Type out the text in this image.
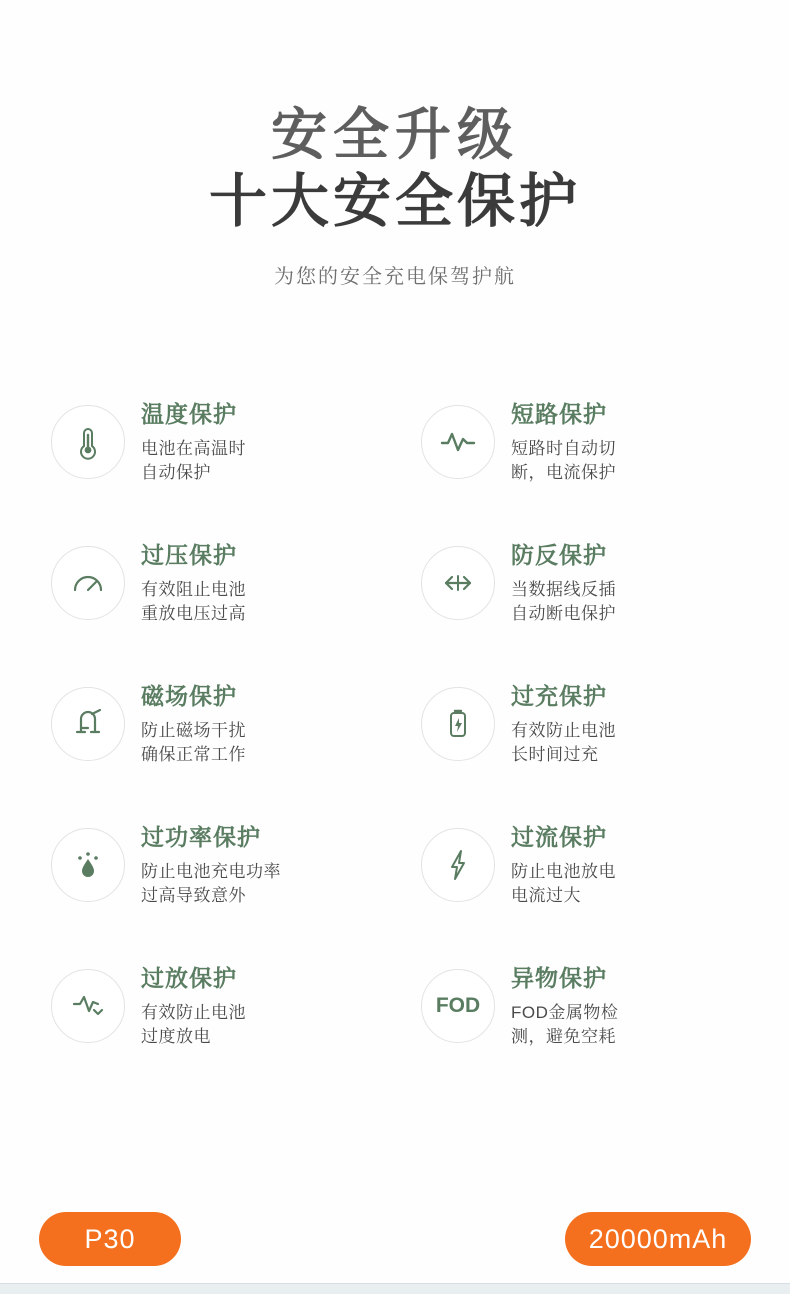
安全升级
十大安全保护
为您的安全充电保驾护航
温度保护
电池在高温时
自动保护
短路保护
短路时自动切
断，电流保护
过压保护
有效阻止电池
重放电压过高
防反保护
当数据线反插
自动断电保护
磁场保护
防止磁场干扰
确保正常工作
过充保护
有效防止电池
长时间过充
过功率保护
防止电池充电功率
过高导致意外
过流保护
防止电池放电
电流过大
过放保护
有效防止电池
过度放电
FOD
异物保护
FOD金属物检
测，避免空耗
P30	20000mAh
